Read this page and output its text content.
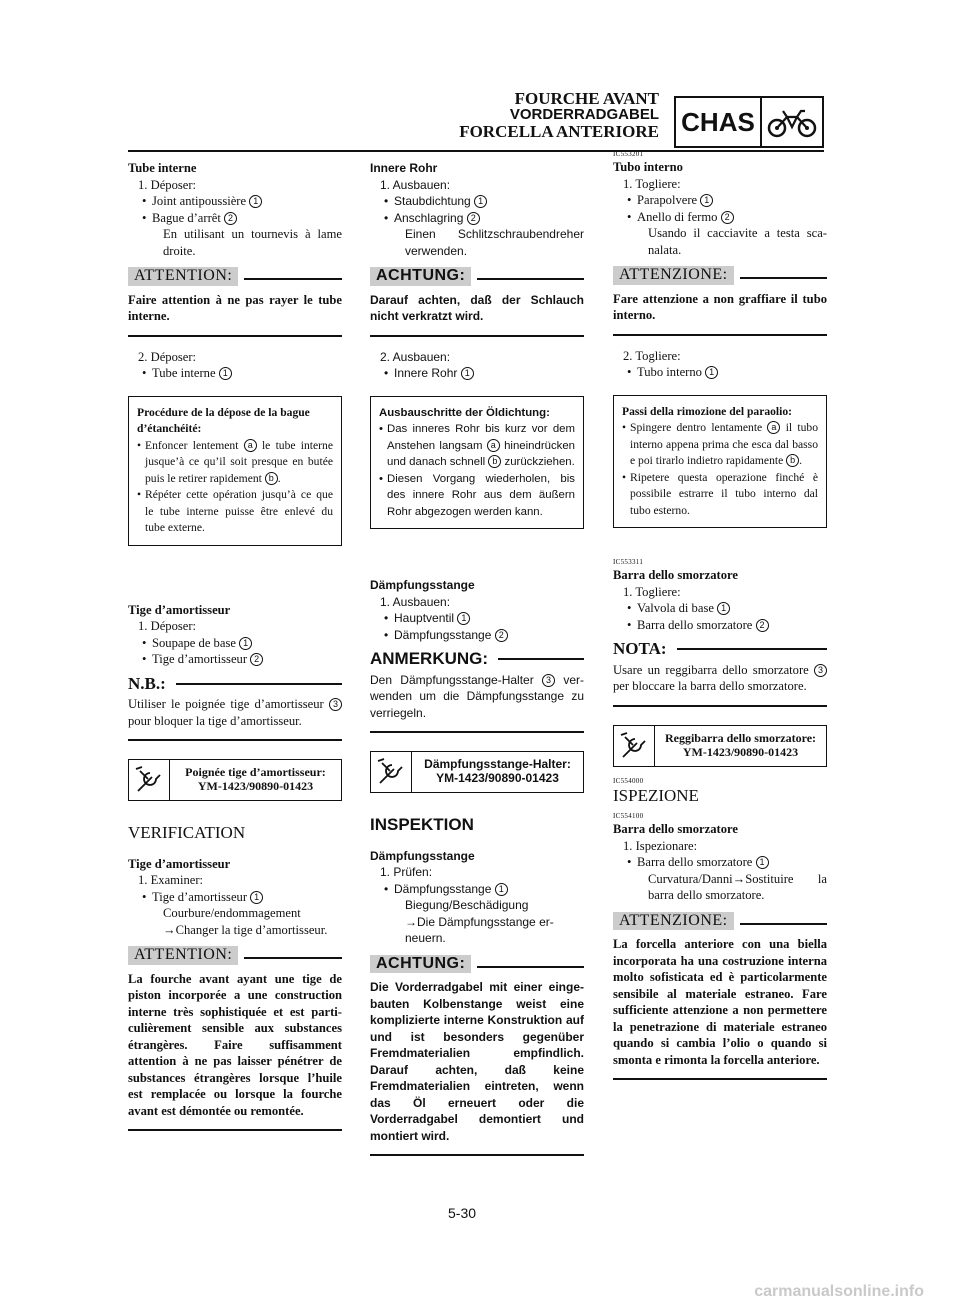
FOURCHE AVANT
VORDERRADGABEL
FORCELLA ANTERIORE CHAS
Tube interne
1. Déposer:
• Joint antipoussière 1
• Bague d’arrêt 2
En utilisant un tournevis à lame droite.
ATTENTION:
Faire attention à ne pas rayer le tube interne.
2. Déposer:
• Tube interne 1
Procédure de la dépose de la bague d’étanchéité:
• Enfoncer lentement a le tube interne jusque’à ce qu’il soit presque en butée puis le retirer rapidement b .
• Répéter cette opération jusqu’à ce que le tube interne puisse être enlevé du tube externe.
Tige d’amortisseur
1. Déposer:
• Soupape de base 1
• Tige d’amortisseur 2
N.B.:
Utiliser le poignée tige d’amortisseur 3 pour bloquer la tige d’amortisseur.
Poignée tige d’amortisseur:
YM-1423/90890-01423
VERIFICATION
Tige d’amortisseur
1. Examiner:
• Tige d’amortisseur 1
Courbure/endommagement
→Changer la tige d’amortisseur.
ATTENTION:
La fourche avant ayant une tige de piston incorporée a une construction interne très sophistiquée et est particulièrement sensible aux substances étrangères. Faire suffisamment attention à ne pas laisser pénétrer de substances étrangères lorsque l’huile est remplacée ou lorsque la fourche avant est démontée ou remontée.
Innere Rohr
1. Ausbauen:
• Staubdichtung 1
• Anschlagring 2
Einen Schlitzschraubendreher verwenden.
ACHTUNG:
Darauf achten, daß der Schlauch nicht verkratzt wird.
2. Ausbauen:
• Innere Rohr 1
Ausbauschritte der Öldichtung:
• Das inneres Rohr bis kurz vor dem Anstehen langsam a hineindrücken und danach schnell b zurückziehen.
• Diesen Vorgang wiederholen, bis des innere Rohr aus dem äußern Rohr abgezogen werden kann.
Dämpfungsstange
1. Ausbauen:
• Hauptventil 1
• Dämpfungsstange 2
ANMERKUNG:
Den Dämpfungsstange-Halter 3 verwenden um die Dämpfungsstange zu verriegeln.
Dämpfungsstange-Halter:
YM-1423/90890-01423
INSPEKTION
Dämpfungsstange
1. Prüfen:
• Dämpfungsstange 1
Biegung/Beschädigung
→Die Dämpfungsstange erneuern.
ACHTUNG:
Die Vorderradgabel mit einer eingebauten Kolbenstange weist eine komplizierte interne Konstruktion auf und ist besonders gegenüber Fremdmaterialien empfindlich. Darauf achten, daß keine Fremdmaterialien eintreten, wenn das Öl erneuert oder die Vorderradgabel demontiert und montiert wird.
IC553201
Tubo interno
1. Togliere:
• Parapolvere 1
• Anello di fermo 2
Usando il cacciavite a testa scanalata.
ATTENZIONE:
Fare attenzione a non graffiare il tubo interno.
2. Togliere:
• Tubo interno 1
Passi della rimozione del paraolio:
• Spingere dentro lentamente a il tubo interno appena prima che esca dal basso e poi tirarlo indietro rapidamente b .
• Ripetere questa operazione finché è possibile estrarre il tubo interno dal tubo esterno.
IC553311
Barra dello smorzatore
1. Togliere:
• Valvola di base 1
• Barra dello smorzatore 2
NOTA:
Usare un reggibarra dello smorzatore 3 per bloccare la barra dello smorzatore.
Reggibarra dello smorzatore:
YM-1423/90890-01423
IC554000
ISPEZIONE
IC554100
Barra dello smorzatore
1. Ispezionare:
• Barra dello smorzatore 1
Curvatura/Danni→Sostituire la barra dello smorzatore.
ATTENZIONE:
La forcella anteriore con una biella incorporata ha una costruzione interna molto sofisticata ed è particolarmente sensibile al materiale estraneo. Fare sufficiente attenzione a non permettere la penetrazione di materiale estraneo quando si cambia l’olio o quando si smonta e rimonta la forcella anteriore.
5-30
carmanualsonline.info
